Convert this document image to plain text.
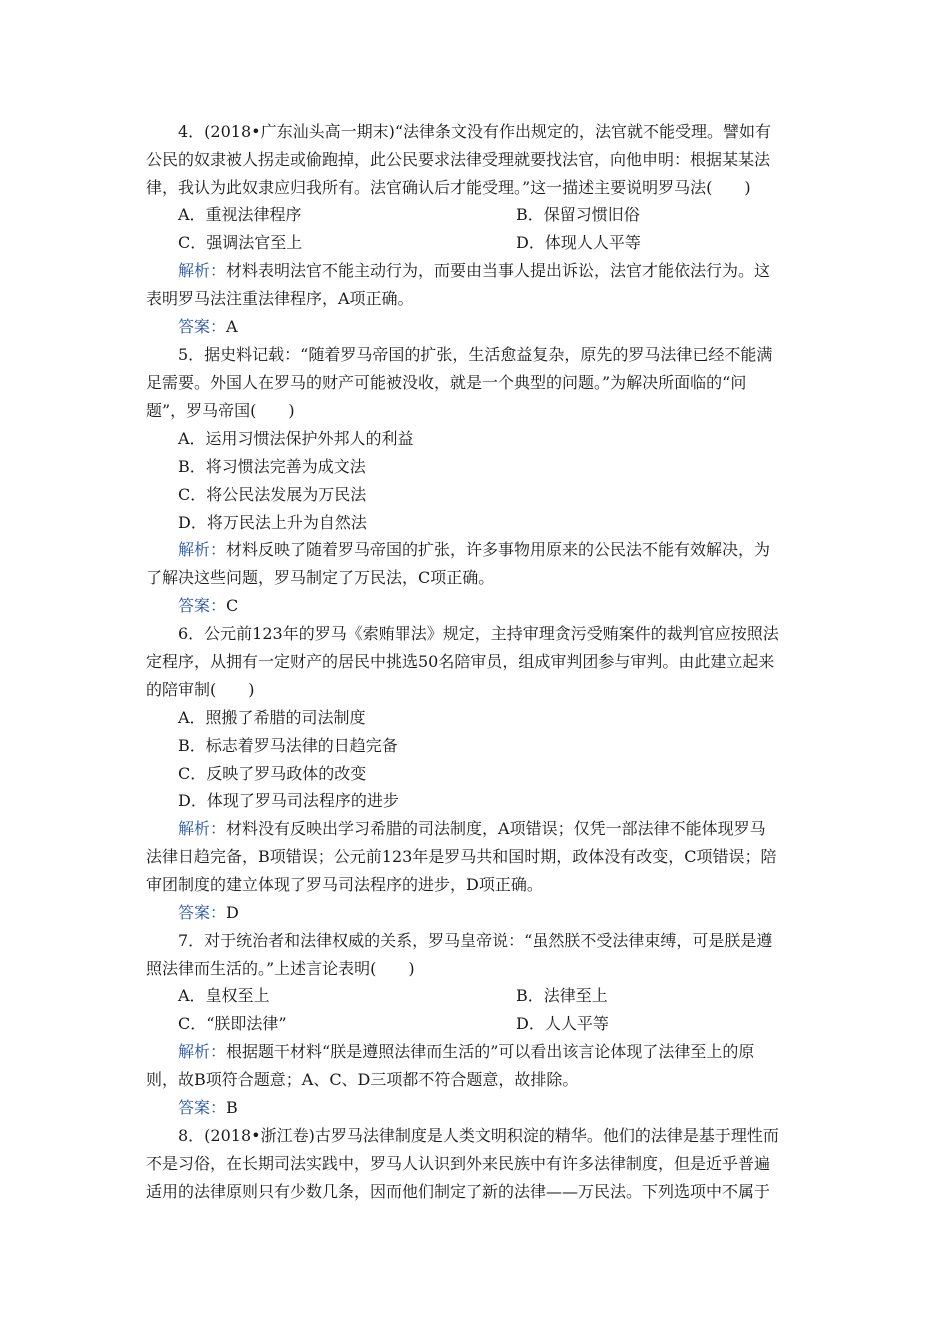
4．(2018•广东汕头高一期末)“法律条文没有作出规定的，法官就不能受理。譬如有
公民的奴隶被人拐走或偷跑掉，此公民要求法律受理就要找法官，向他申明：根据某某法
律，我认为此奴隶应归我所有。法官确认后才能受理。”这一描述主要说明罗马法(　　)
A．重视法律程序	B．保留习惯旧俗
C．强调法官至上	D．体现人人平等
解析：材料表明法官不能主动行为，而要由当事人提出诉讼，法官才能依法行为。这
表明罗马法注重法律程序，A项正确。
答案：A
5．据史料记载：“随着罗马帝国的扩张，生活愈益复杂，原先的罗马法律已经不能满
足需要。外国人在罗马的财产可能被没收，就是一个典型的问题。”为解决所面临的“问
题”，罗马帝国(　　)
A．运用习惯法保护外邦人的利益
B．将习惯法完善为成文法
C．将公民法发展为万民法
D．将万民法上升为自然法
解析：材料反映了随着罗马帝国的扩张，许多事物用原来的公民法不能有效解决，为
了解决这些问题，罗马制定了万民法，C项正确。
答案：C
6．公元前123年的罗马《索贿罪法》规定，主持审理贪污受贿案件的裁判官应按照法
定程序，从拥有一定财产的居民中挑选50名陪审员，组成审判团参与审判。由此建立起来
的陪审制(　　)
A．照搬了希腊的司法制度
B．标志着罗马法律的日趋完备
C．反映了罗马政体的改变
D．体现了罗马司法程序的进步
解析：材料没有反映出学习希腊的司法制度，A项错误；仅凭一部法律不能体现罗马
法律日趋完备，B项错误；公元前123年是罗马共和国时期，政体没有改变，C项错误；陪
审团制度的建立体现了罗马司法程序的进步，D项正确。
答案：D
7．对于统治者和法律权威的关系，罗马皇帝说：“虽然朕不受法律束缚，可是朕是遵
照法律而生活的。”上述言论表明(　　)
A．皇权至上	B．法律至上
C．“朕即法律”	D．人人平等
解析：根据题干材料“朕是遵照法律而生活的”可以看出该言论体现了法律至上的原
则，故B项符合题意；A、C、D三项都不符合题意，故排除。
答案：B
8．(2018•浙江卷)古罗马法律制度是人类文明积淀的精华。他们的法律是基于理性而
不是习俗，在长期司法实践中，罗马人认识到外来民族中有许多法律制度，但是近乎普遍
适用的法律原则只有少数几条，因而他们制定了新的法律——万民法。下列选项中不属于
